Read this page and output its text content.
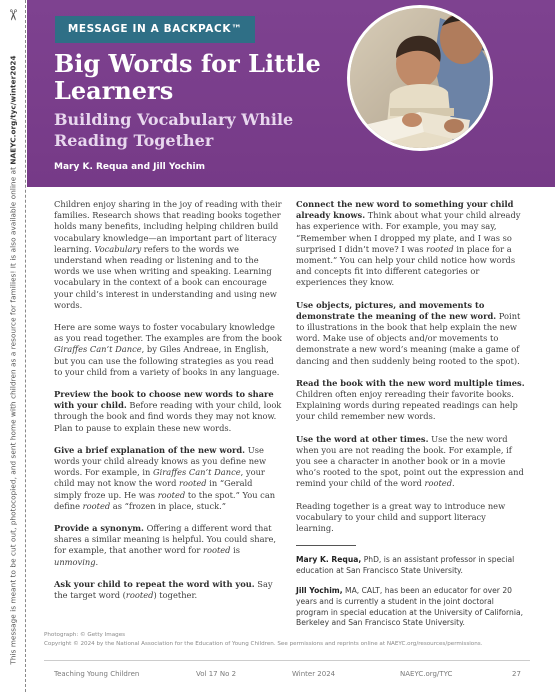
✂
This message is meant to be cut out, photocopied, and sent home with children as a resource for families! It is also available online at NAEYC.org/tyc/winter2024
MESSAGE IN A BACKPACK™
Big Words for Little Learners
Building Vocabulary While Reading Together
Mary K. Requa and Jill Yochim

Children enjoy sharing in the joy of reading with their families. Research shows that reading books together holds many benefits, including helping children build vocabulary knowledge—an important part of literacy learning. Vocabulary refers to the words we understand when reading or listening and to the words we use when writing and speaking. Learning vocabulary in the context of a book can encourage your child’s interest in understanding and using new words.

Here are some ways to foster vocabulary knowledge as you read together. The examples are from the book Giraffes Can’t Dance, by Giles Andreae, in English, but you can use the following strategies as you read to your child from a variety of books in any language.

Preview the book to choose new words to share with your child. Before reading with your child, look through the book and find words they may not know. Plan to pause to explain these new words.

Give a brief explanation of the new word. Use words your child already knows as you define new words. For example, in Giraffes Can’t Dance, your child may not know the word rooted in “Gerald simply froze up. He was rooted to the spot.” You can define rooted as “frozen in place, stuck.”

Provide a synonym. Offering a different word that shares a similar meaning is helpful. You could share, for example, that another word for rooted is unmoving.

Ask your child to repeat the word with you. Say the target word (rooted) together.

Connect the new word to something your child already knows. Think about what your child already has experience with. For example, you may say, “Remember when I dropped my plate, and I was so surprised I didn’t move? I was rooted in place for a moment.” You can help your child notice how words and concepts fit into different categories or experiences they know.

Use objects, pictures, and movements to demonstrate the meaning of the new word. Point to illustrations in the book that help explain the new word. Make use of objects and/or movements to demonstrate a new word’s meaning (make a game of dancing and then suddenly being rooted to the spot).

Read the book with the new word multiple times. Children often enjoy rereading their favorite books. Explaining words during repeated readings can help your child remember new words.

Use the word at other times. Use the new word when you are not reading the book. For example, if you see a character in another book or in a movie who’s rooted to the spot, point out the expression and remind your child of the word rooted.

Reading together is a great way to introduce new vocabulary to your child and support literacy learning.

Mary K. Requa, PhD, is an assistant professor in special education at San Francisco State University.
Jill Yochim, MA, CALT, has been an educator for over 20 years and is currently a student in the joint doctoral program in special education at the University of California, Berkeley and San Francisco State University.
Photograph: © Getty Images
Copyright © 2024 by the National Association for the Education of Young Children. See permissions and reprints online at NAEYC.org/resources/permissions.
Teaching Young Children	Vol 17 No 2	Winter 2024	NAEYC.org/TYC	27
